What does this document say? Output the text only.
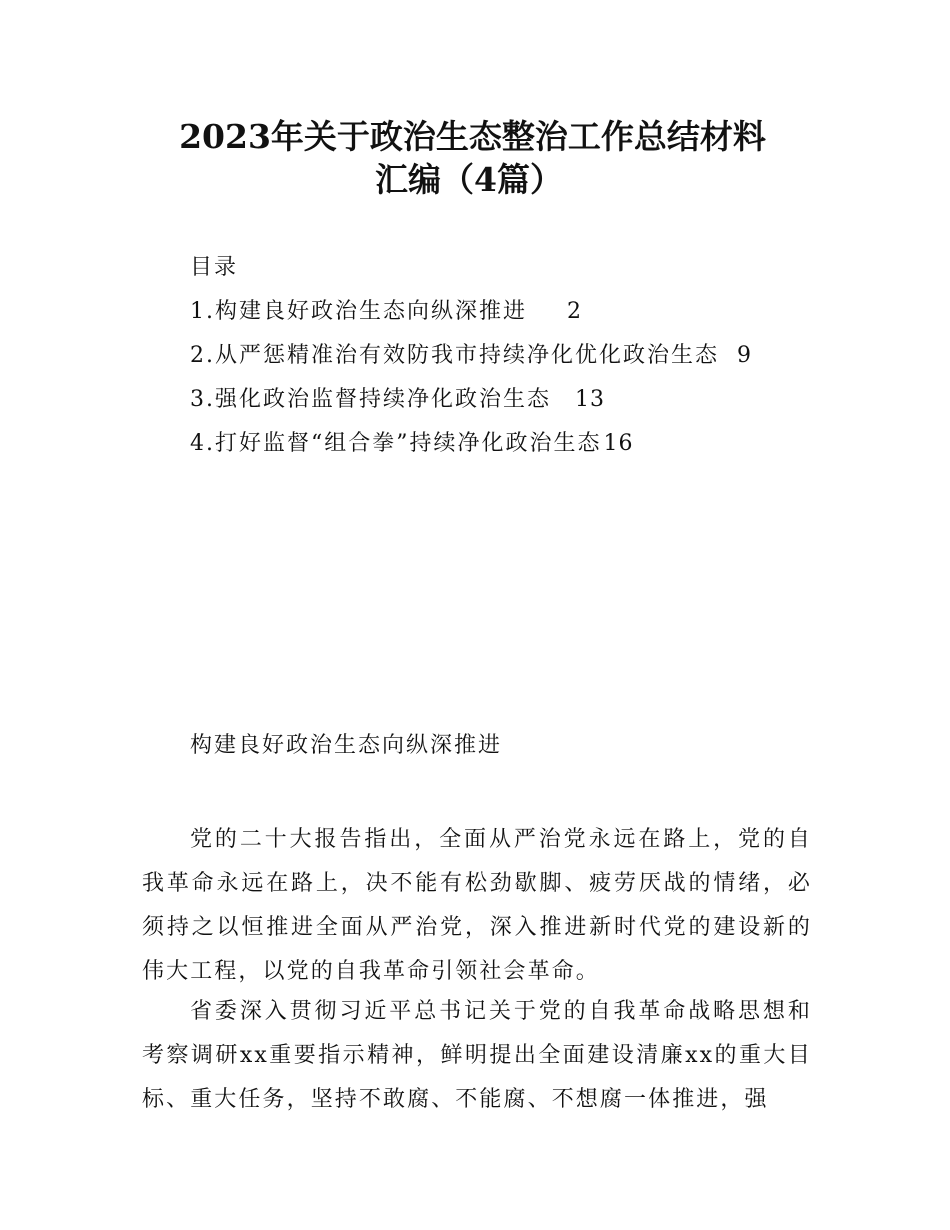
2023年关于政治生态整治工作总结材料
汇编（4篇）
目录
1.构建良好政治生态向纵深推进 2
2.从严惩精准治有效防我市持续净化优化政治生态 9
3.强化政治监督持续净化政治生态 13
4.打好监督“组合拳”持续净化政治生态16
构建良好政治生态向纵深推进

党的二十大报告指出，全面从严治党永远在路上，党的自我革命永远在路上，决不能有松劲歇脚、疲劳厌战的情绪，必须持之以恒推进全面从严治党，深入推进新时代党的建设新的伟大工程，以党的自我革命引领社会革命。

省委深入贯彻习近平总书记关于党的自我革命战略思想和考察调研xx重要指示精神，鲜明提出全面建设清廉xx的重大目标、重大任务，坚持不敢腐、不能腐、不想腐一体推进，强
